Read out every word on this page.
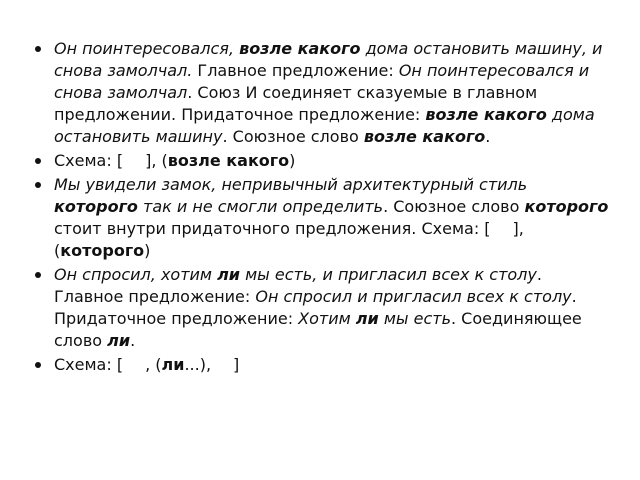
Он поинтересовался, возле какого дома остановить машину, и снова замолчал. Главное предложение: Он поинтересовался и снова замолчал. Союз И соединяет сказуемые в главном предложении. Придаточное предложение: возле какого дома остановить машину. Союзное слово возле какого.
Схема: [ ], (возле какого)
Мы увидели замок, непривычный архитектурный стиль которого так и не смогли определить. Союзное слово которого стоит внутри придаточного предложения. Схема: [ ], (которого)
Он спросил, хотим ли мы есть, и пригласил всех к столу. Главное предложение: Он спросил и пригласил всех к столу. Придаточное предложение: Хотим ли мы есть. Соединяющее слово ли.
Схема: [ , (ли...), ]
